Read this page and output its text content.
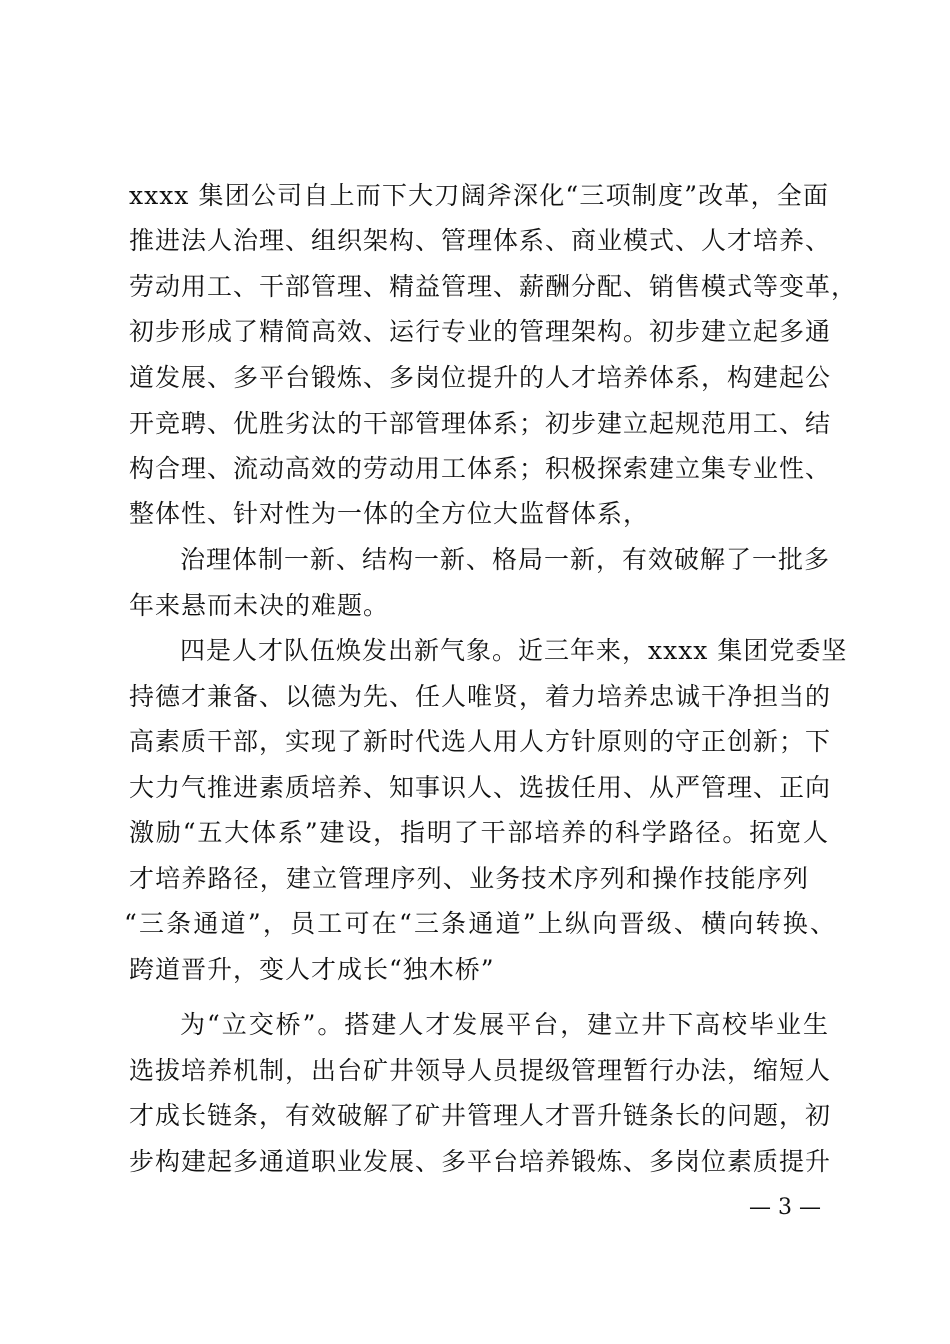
xxxx 集团公司自上而下大刀阔斧深化“三项制度”改革，全面
推进法人治理、组织架构、管理体系、商业模式、人才培养、
劳动用工、干部管理、精益管理、薪酬分配、销售模式等变革，
初步形成了精简高效、运行专业的管理架构。初步建立起多通
道发展、多平台锻炼、多岗位提升的人才培养体系，构建起公
开竞聘、优胜劣汰的干部管理体系；初步建立起规范用工、结
构合理、流动高效的劳动用工体系；积极探索建立集专业性、
整体性、针对性为一体的全方位大监督体系，
治理体制一新、结构一新、格局一新，有效破解了一批多
年来悬而未决的难题。
四是人才队伍焕发出新气象。近三年来，xxxx 集团党委坚
持德才兼备、以德为先、任人唯贤，着力培养忠诚干净担当的
高素质干部，实现了新时代选人用人方针原则的守正创新；下
大力气推进素质培养、知事识人、选拔任用、从严管理、正向
激励“五大体系”建设，指明了干部培养的科学路径。拓宽人
才培养路径，建立管理序列、业务技术序列和操作技能序列
“三条通道”，员工可在“三条通道”上纵向晋级、横向转换、
跨道晋升，变人才成长“独木桥”
为“立交桥”。搭建人才发展平台，建立井下高校毕业生
选拔培养机制，出台矿井领导人员提级管理暂行办法，缩短人
才成长链条，有效破解了矿井管理人才晋升链条长的问题，初
步构建起多通道职业发展、多平台培养锻炼、多岗位素质提升
— 3 —
